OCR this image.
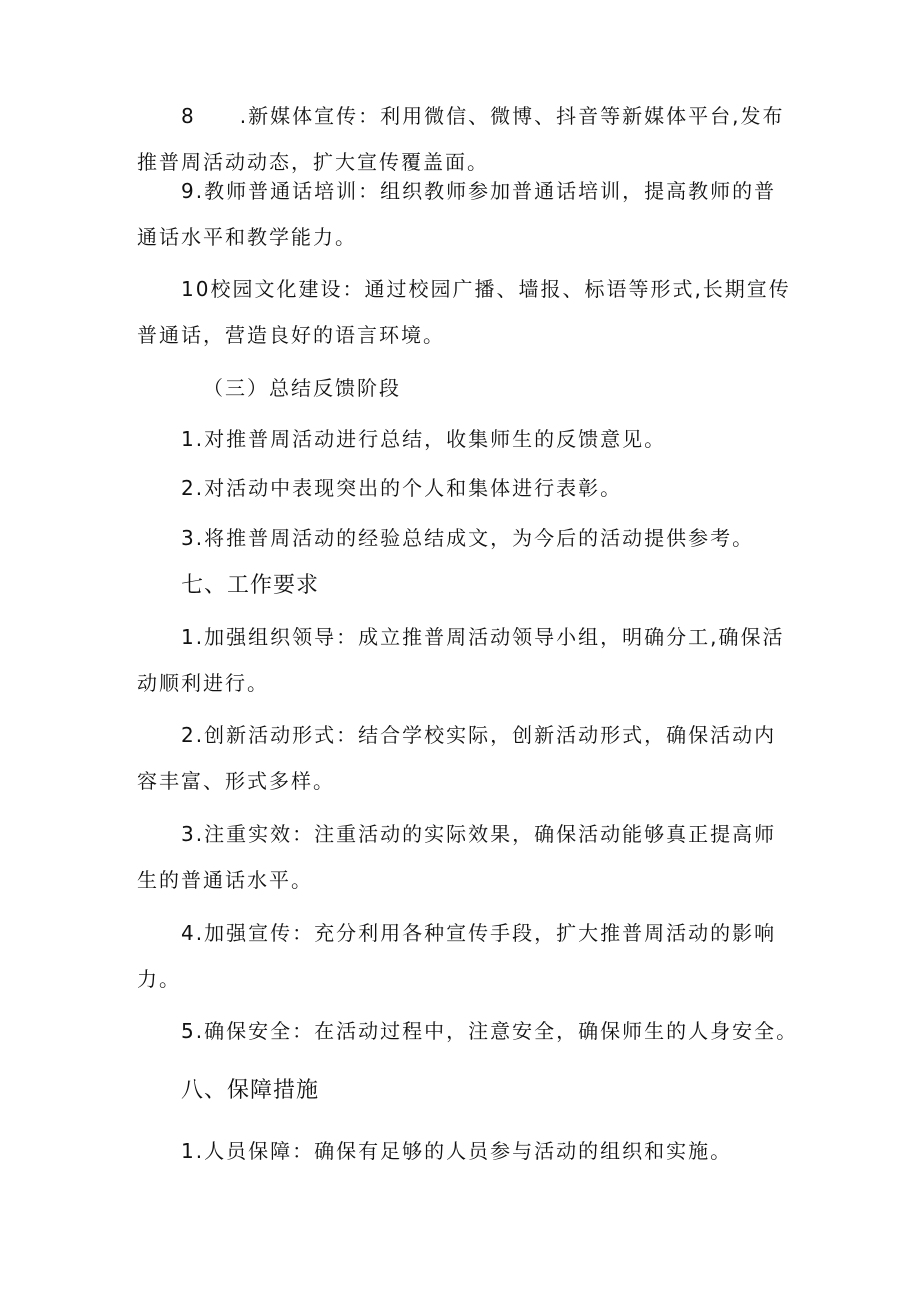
8　　.新媒体宣传：利用微信、微博、抖音等新媒体平台,发布
推普周活动动态，扩大宣传覆盖面。
9.教师普通话培训：组织教师参加普通话培训，提高教师的普
通话水平和教学能力。
10校园文化建设：通过校园广播、墙报、标语等形式,长期宣传
普通话，营造良好的语言环境。
（三）总结反馈阶段
1.对推普周活动进行总结，收集师生的反馈意见。
2.对活动中表现突出的个人和集体进行表彰。
3.将推普周活动的经验总结成文，为今后的活动提供参考。
七、工作要求
1.加强组织领导：成立推普周活动领导小组，明确分工,确保活
动顺利进行。
2.创新活动形式：结合学校实际，创新活动形式，确保活动内
容丰富、形式多样。
3.注重实效：注重活动的实际效果，确保活动能够真正提高师
生的普通话水平。
4.加强宣传：充分利用各种宣传手段，扩大推普周活动的影响
力。
5.确保安全：在活动过程中，注意安全，确保师生的人身安全。
八、保障措施
1.人员保障：确保有足够的人员参与活动的组织和实施。
